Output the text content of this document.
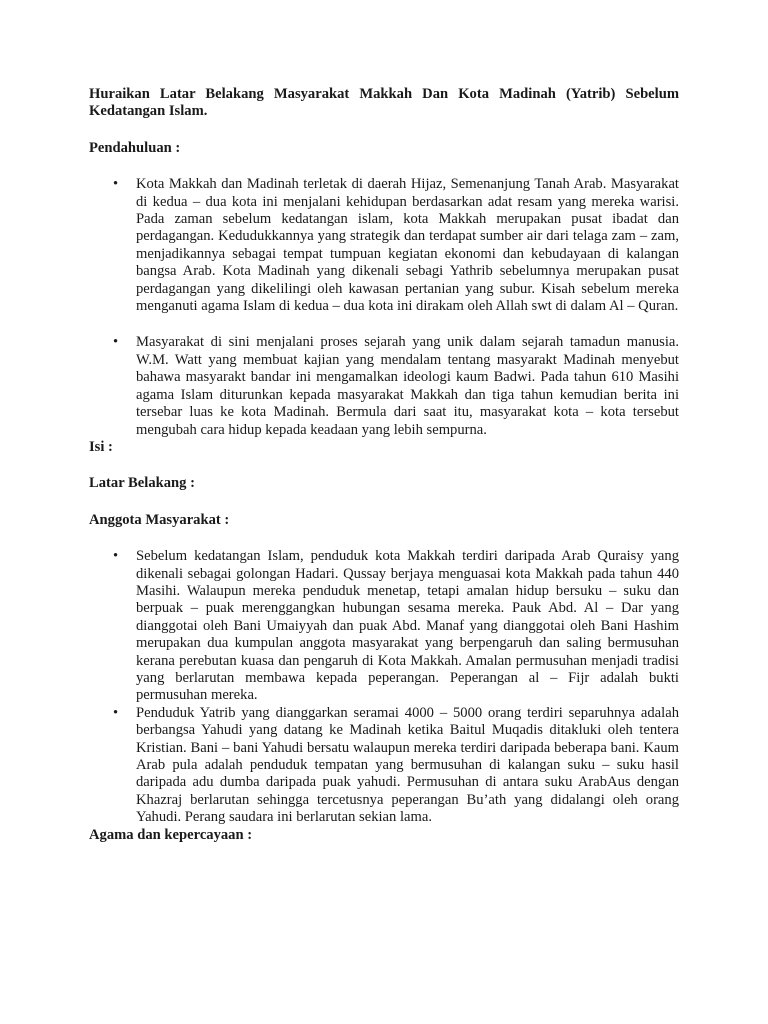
Huraikan Latar Belakang Masyarakat Makkah Dan Kota Madinah (Yatrib) Sebelum Kedatangan Islam.

Pendahuluan :

• Kota Makkah dan Madinah terletak di daerah Hijaz, Semenanjung Tanah Arab. Masyarakat di kedua – dua kota ini menjalani kehidupan berdasarkan adat resam yang mereka warisi. Pada zaman sebelum kedatangan islam, kota Makkah merupakan pusat ibadat dan perdagangan. Kedudukkannya yang strategik dan terdapat sumber air dari telaga zam – zam, menjadikannya sebagai tempat tumpuan kegiatan ekonomi dan kebudayaan di kalangan bangsa Arab. Kota Madinah yang dikenali sebagi Yathrib sebelumnya merupakan pusat perdagangan yang dikelilingi oleh kawasan pertanian yang subur. Kisah sebelum mereka menganuti agama Islam di kedua – dua kota ini dirakam oleh Allah swt di dalam Al – Quran.
• Masyarakat di sini menjalani proses sejarah yang unik dalam sejarah tamadun manusia. W.M. Watt yang membuat kajian yang mendalam tentang masyarakt Madinah menyebut bahawa masyarakt bandar ini mengamalkan ideologi kaum Badwi. Pada tahun 610 Masihi agama Islam diturunkan kepada masyarakat Makkah dan tiga tahun kemudian berita ini tersebar luas ke kota Madinah. Bermula dari saat itu, masyarakat kota – kota tersebut mengubah cara hidup kepada keadaan yang lebih sempurna.

Isi :

Latar Belakang :

Anggota Masyarakat :

• Sebelum kedatangan Islam, penduduk kota Makkah terdiri daripada Arab Quraisy yang dikenali sebagai golongan Hadari. Qussay berjaya menguasai kota Makkah pada tahun 440 Masihi. Walaupun mereka penduduk menetap, tetapi amalan hidup bersuku – suku dan berpuak – puak merenggangkan hubungan sesama mereka. Pauk Abd. Al – Dar yang dianggotai oleh Bani Umaiyyah dan puak Abd. Manaf yang dianggotai oleh Bani Hashim merupakan dua kumpulan anggota masyarakat yang berpengaruh dan saling bermusuhan kerana perebutan kuasa dan pengaruh di Kota Makkah. Amalan permusuhan menjadi tradisi yang berlarutan membawa kepada peperangan. Peperangan al – Fijr adalah bukti permusuhan mereka.
• Penduduk Yatrib yang dianggarkan seramai 4000 – 5000 orang terdiri separuhnya adalah berbangsa Yahudi yang datang ke Madinah ketika Baitul Muqadis ditakluki oleh tentera Kristian. Bani – bani Yahudi bersatu walaupun mereka terdiri daripada beberapa bani. Kaum Arab pula adalah penduduk tempatan yang bermusuhan di kalangan suku – suku hasil daripada adu dumba daripada puak yahudi. Permusuhan di antara suku ArabAus dengan Khazraj berlarutan sehingga tercetusnya peperangan Bu’ath yang didalangi oleh orang Yahudi. Perang saudara ini berlarutan sekian lama.

Agama dan kepercayaan :
